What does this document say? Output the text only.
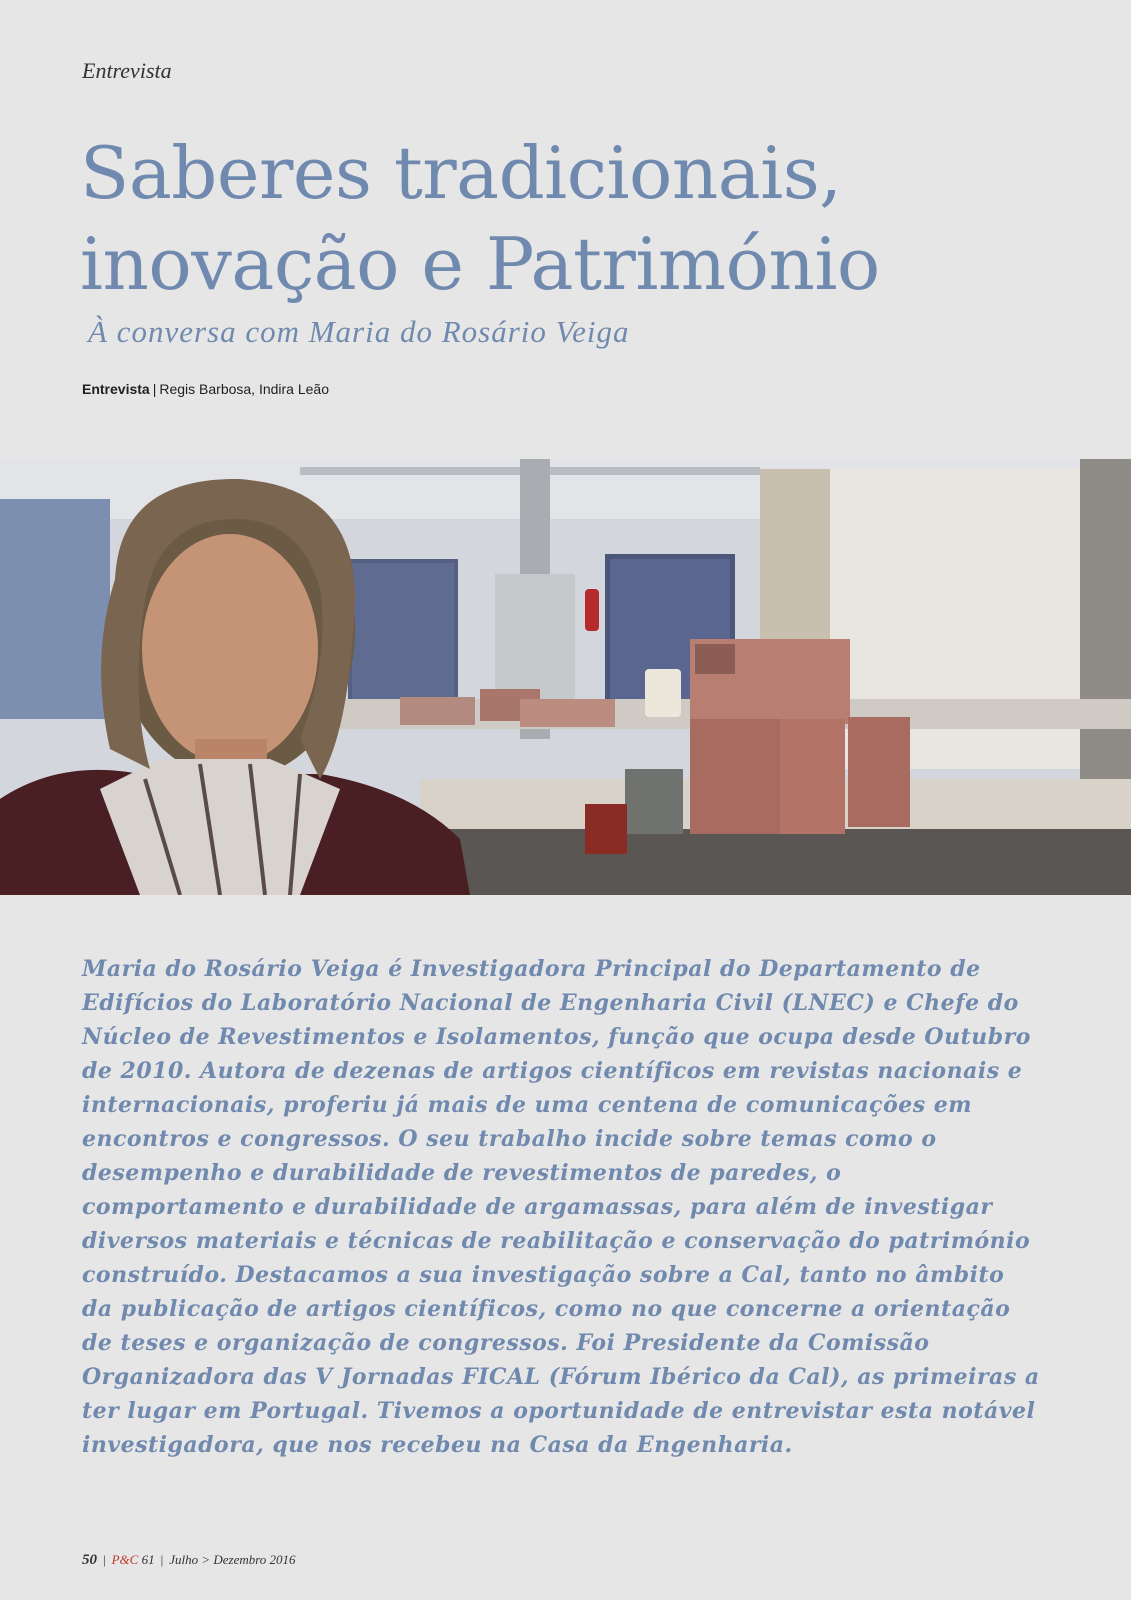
Entrevista
Saberes tradicionais,
inovação e Património
À conversa com Maria do Rosário Veiga
Entrevista | Regis Barbosa, Indira Leão

Maria do Rosário Veiga é Investigadora Principal do Departamento de Edifícios do Laboratório Nacional de Engenharia Civil (LNEC) e Chefe do Núcleo de Revestimentos e Isolamentos, função que ocupa desde Outubro de 2010. Autora de dezenas de artigos científicos em revistas nacionais e internacionais, proferiu já mais de uma centena de comunicações em encontros e congressos. O seu trabalho incide sobre temas como o desempenho e durabilidade de revestimentos de paredes, o comportamento e durabilidade de argamassas, para além de investigar diversos materiais e técnicas de reabilitação e conservação do património construído. Destacamos a sua investigação sobre a Cal, tanto no âmbito da publicação de artigos científicos, como no que concerne a orientação de teses e organização de congressos. Foi Presidente da Comissão Organizadora das V Jornadas FICAL (Fórum Ibérico da Cal), as primeiras a ter lugar em Portugal. Tivemos a oportunidade de entrevistar esta notável investigadora, que nos recebeu na Casa da Engenharia.

50 | P&C 61 | Julho > Dezembro 2016
